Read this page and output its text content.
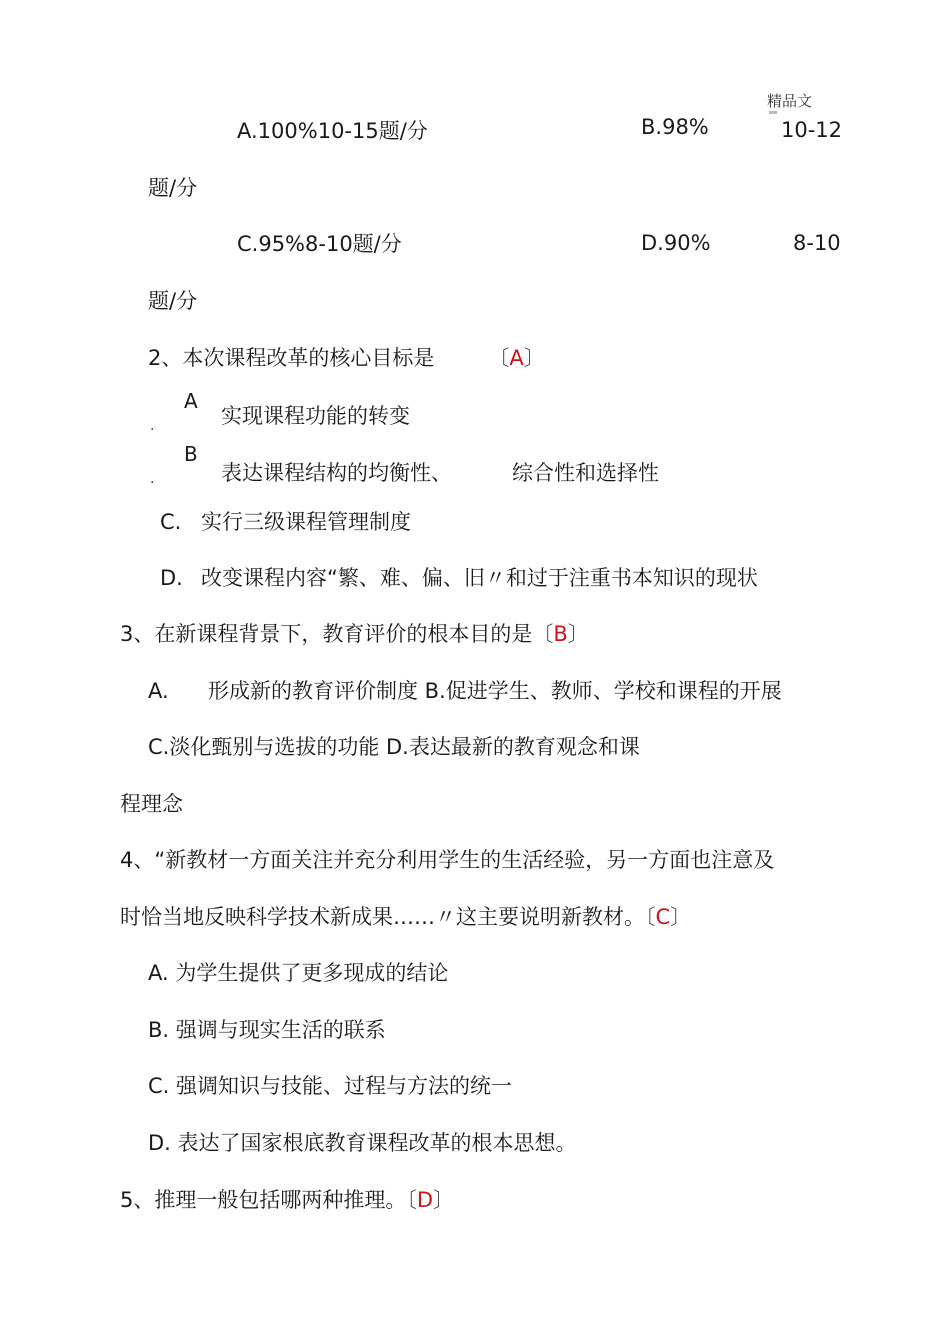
精品文
ww
A.100%10-15题/分	B.98%	10-12
题/分
C.95%8-10题/分	D.90%	8-10
题/分
2、本次课程改革的核心目标是	〔A〕
A
.	实现课程功能的转变
B
.	表达课程结构的均衡性、	综合性和选择性
C. 实行三级课程管理制度
D. 改变课程内容“繁、难、偏、旧〃和过于注重书本知识的现状
3、在新课程背景下，教育评价的根本目的是〔B〕
A. 形成新的教育评价制度 B.促进学生、教师、学校和课程的开展
C.淡化甄别与选拔的功能 D.表达最新的教育观念和课
程理念
4、“新教材一方面关注并充分利用学生的生活经验，另一方面也注意及
时恰当地反映科学技术新成果……〃这主要说明新教材。〔C〕
A. 为学生提供了更多现成的结论
B. 强调与现实生活的联系
C. 强调知识与技能、过程与方法的统一
D. 表达了国家根底教育课程改革的根本思想。
5、推理一般包括哪两种推理。〔D〕
